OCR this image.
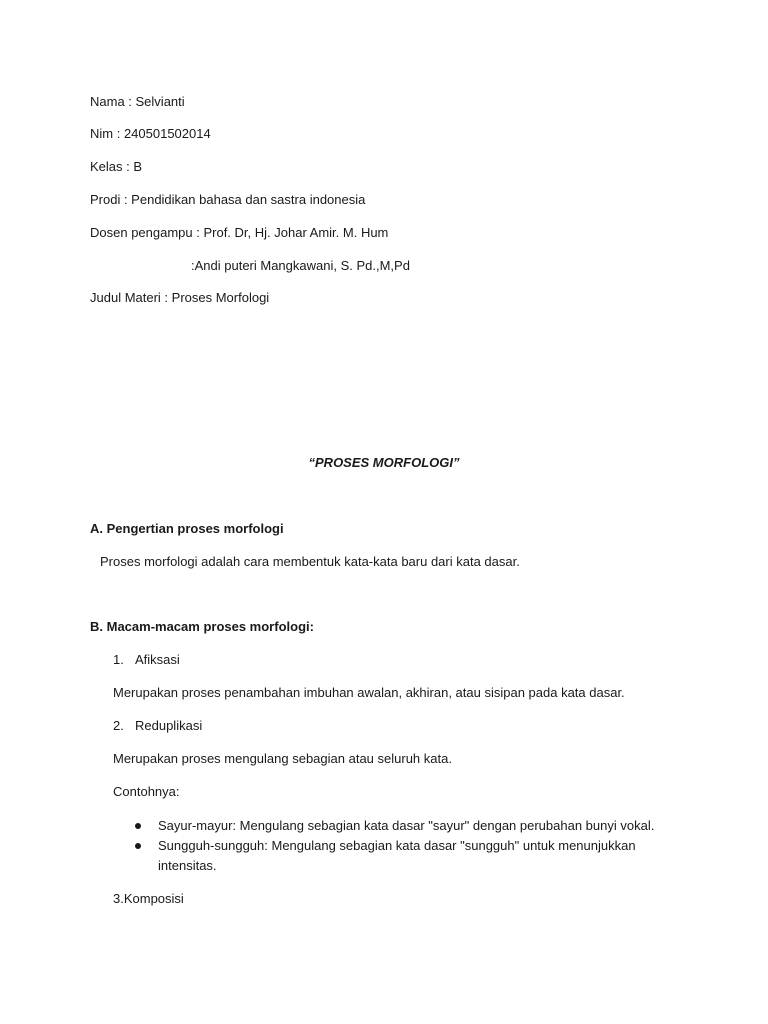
Nama : Selvianti
Nim : 240501502014
Kelas : B
Prodi : Pendidikan bahasa dan sastra indonesia
Dosen pengampu : Prof. Dr, Hj. Johar Amir. M. Hum
:Andi puteri Mangkawani, S. Pd.,M,Pd
Judul Materi : Proses Morfologi
“PROSES MORFOLOGI”
A. Pengertian proses morfologi
Proses morfologi adalah cara membentuk kata-kata baru dari kata dasar.
B. Macam-macam proses morfologi:
1. Afiksasi
Merupakan proses penambahan imbuhan awalan, akhiran, atau sisipan pada kata dasar.
2. Reduplikasi
Merupakan proses mengulang sebagian atau seluruh kata.
Contohnya:
Sayur-mayur: Mengulang sebagian kata dasar "sayur" dengan perubahan bunyi vokal.
Sungguh-sungguh: Mengulang sebagian kata dasar "sungguh" untuk menunjukkan intensitas.
3.Komposisi
